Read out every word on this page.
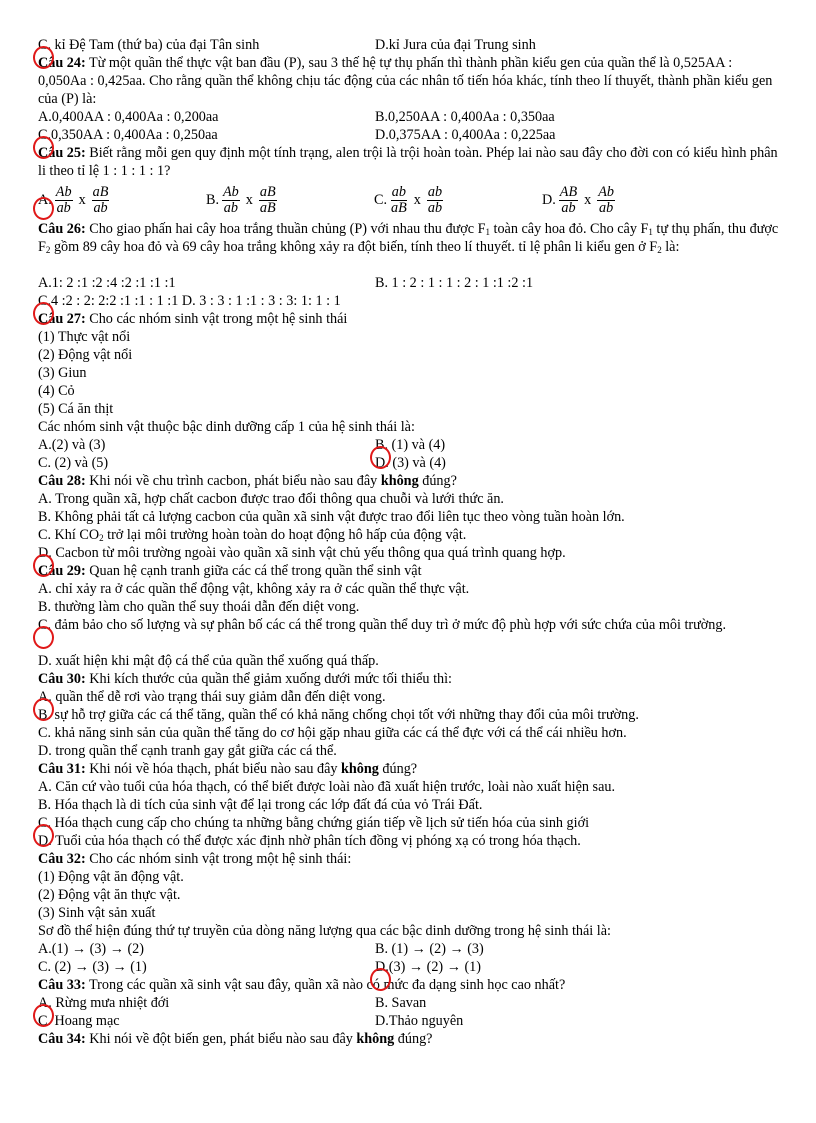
C. kỉ Đệ Tam (thứ ba) của đại Tân sinh	D.kỉ Jura của đại Trung sinh
Câu 24: Từ một quần thể thực vật ban đầu (P), sau 3 thế hệ tự thụ phấn thì thành phần kiểu gen của quần thể là 0,525AA : 0,050Aa : 0,425aa. Cho rằng quần thể không chịu tác động của các nhân tố tiến hóa khác, tính theo lí thuyết, thành phần kiểu gen của (P) là:
A.0,400AA : 0,400Aa : 0,200aa	B.0,250AA : 0,400Aa : 0,350aa
C.0,350AA : 0,400Aa : 0,250aa	D.0,375AA : 0,400Aa : 0,225aa
Câu 25: Biết rằng mỗi gen quy định một tính trạng, alen trội là trội hoàn toàn. Phép lai nào sau đây cho đời con có kiểu hình phân li theo tỉ lệ 1 : 1 : 1 : 1?
A. $\frac{Ab}{ab}$ x $\frac{aB}{ab}$	B. $\frac{Ab}{ab}$ x $\frac{aB}{aB}$	C. $\frac{ab}{aB}$ x $\frac{ab}{ab}$	D. $\frac{AB}{ab}$ x $\frac{Ab}{ab}$
Câu 26: Cho giao phấn hai cây hoa trắng thuần chủng (P) với nhau thu được $F_1$ toàn cây hoa đỏ. Cho cây $F_1$ tự thụ phấn, thu được $F_2$ gồm 89 cây hoa đỏ và 69 cây hoa trắng không xảy ra đột biến, tính theo lí thuyết. tỉ lệ phân li kiểu gen ở $F_2$ là:
A.1: 2 :1 :2 :4 :2 :1 :1 :1	B. 1 : 2 : 1 : 1 : 2 : 1 :1 :2 :1
C.4 :2 : 2: 2:2 :1 :1 : 1 :1 D. 3 : 3 : 1 :1 : 3 : 3: 1: 1 : 1
Câu 27: Cho các nhóm sinh vật trong một hệ sinh thái
(1) Thực vật nổi
(2) Động vật nổi
(3) Giun
(4) Cỏ
(5) Cá ăn thịt
Các nhóm sinh vật thuộc bậc dinh dưỡng cấp 1 của hệ sinh thái là:
A.(2) và (3)	B. (1) và (4)
C. (2) và (5)	D. (3) và (4)
Câu 28: Khi nói về chu trình cacbon, phát biểu nào sau đây không đúng?
A. Trong quần xã, hợp chất cacbon được trao đổi thông qua chuỗi và lưới thức ăn.
B. Không phải tất cả lượng cacbon của quần xã sinh vật được trao đổi liên tục theo vòng tuần hoàn lớn.
C. Khí $CO_2$ trở lại môi trường hoàn toàn do hoạt động hô hấp của động vật.
D. Cacbon từ môi trường ngoài vào quần xã sinh vật chủ yếu thông qua quá trình quang hợp.
Câu 29: Quan hệ cạnh tranh giữa các cá thể trong quần thể sinh vật
A. chỉ xảy ra ở các quần thể động vật, không xảy ra ở các quần thể thực vật.
B. thường làm cho quần thể suy thoái dẫn đến diệt vong.
C. đảm bảo cho số lượng và sự phân bố các cá thể trong quần thể duy trì ở mức độ phù hợp với sức chứa của môi trường.
D. xuất hiện khi mật độ cá thể của quần thể xuống quá thấp.
Câu 30: Khi kích thước của quần thể giảm xuống dưới mức tối thiểu thì:
A. quần thể dễ rơi vào trạng thái suy giảm dẫn đến diệt vong.
B. sự hỗ trợ giữa các cá thể tăng, quần thể có khả năng chống chọi tốt với những thay đổi của môi trường.
C. khả năng sinh sản của quần thể tăng do cơ hội gặp nhau giữa các cá thể đực với cá thể cái nhiều hơn.
D. trong quần thể cạnh tranh gay gắt giữa các cá thể.
Câu 31: Khi nói về hóa thạch, phát biểu nào sau đây không đúng?
A. Căn cứ vào tuổi của hóa thạch, có thể biết được loài nào đã xuất hiện trước, loài nào xuất hiện sau.
B. Hóa thạch là di tích của sinh vật để lại trong các lớp đất đá của vỏ Trái Đất.
C. Hóa thạch cung cấp cho chúng ta những bằng chứng gián tiếp về lịch sử tiến hóa của sinh giới
D. Tuổi của hóa thạch có thể được xác định nhờ phân tích đồng vị phóng xạ có trong hóa thạch.
Câu 32: Cho các nhóm sinh vật trong một hệ sinh thái:
(1) Động vật ăn động vật.
(2) Động vật ăn thực vật.
(3) Sinh vật sản xuất
Sơ đồ thể hiện đúng thứ tự truyền của dòng năng lượng qua các bậc dinh dưỡng trong hệ sinh thái là:
A.(1) → (3) → (2)	B. (1) → (2) → (3)
C. (2) → (3) → (1)	D.(3) → (2) → (1)
Câu 33: Trong các quần xã sinh vật sau đây, quần xã nào có mức đa dạng sinh học cao nhất?
A. Rừng mưa nhiệt đới	B. Savan
C. Hoang mạc	D.Thảo nguyên
Câu 34: Khi nói về đột biến gen, phát biểu nào sau đây không đúng?
